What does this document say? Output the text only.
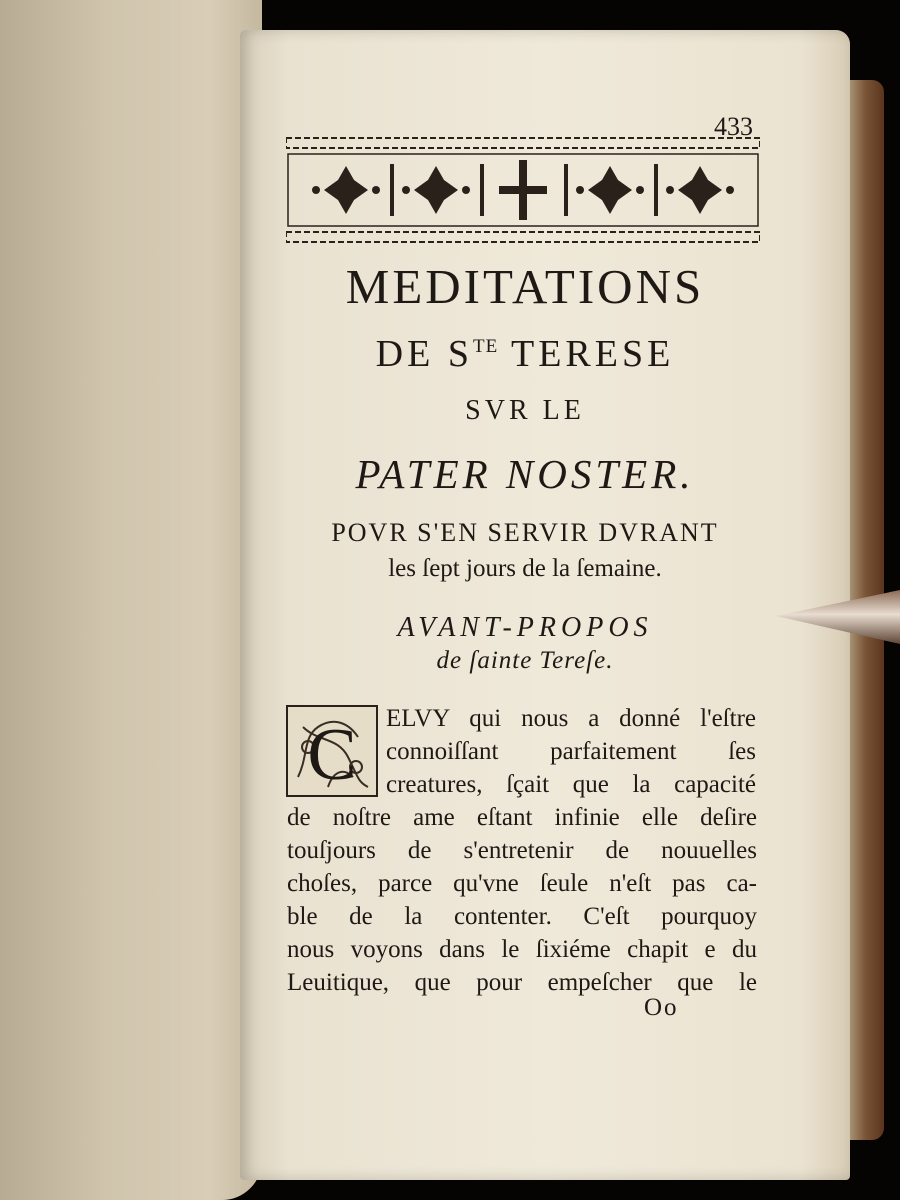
433
MEDITATIONS
DE $S^{TE}$ TERESE
SVR LE
PATER NOSTER.
POVR S'EN SERVIR DVRANT
les ſept jours de la ſemaine.
AVANT-PROPOS
de ſainte Tereſe.
C ELVY qui nous a donné l'eſtre
connoiſſant parfaitement ſes
creatures, ſçait que la capacité
de noſtre ame eſtant infinie elle deſire
touſjours de s'entretenir de nouuelles
choſes, parce qu'vne ſeule n'eſt pas ca-
ble de la contenter. C'eſt pourquoy
nous voyons dans le ſixiéme chapit e du
Leuitique, que pour empeſcher que le
Oo
